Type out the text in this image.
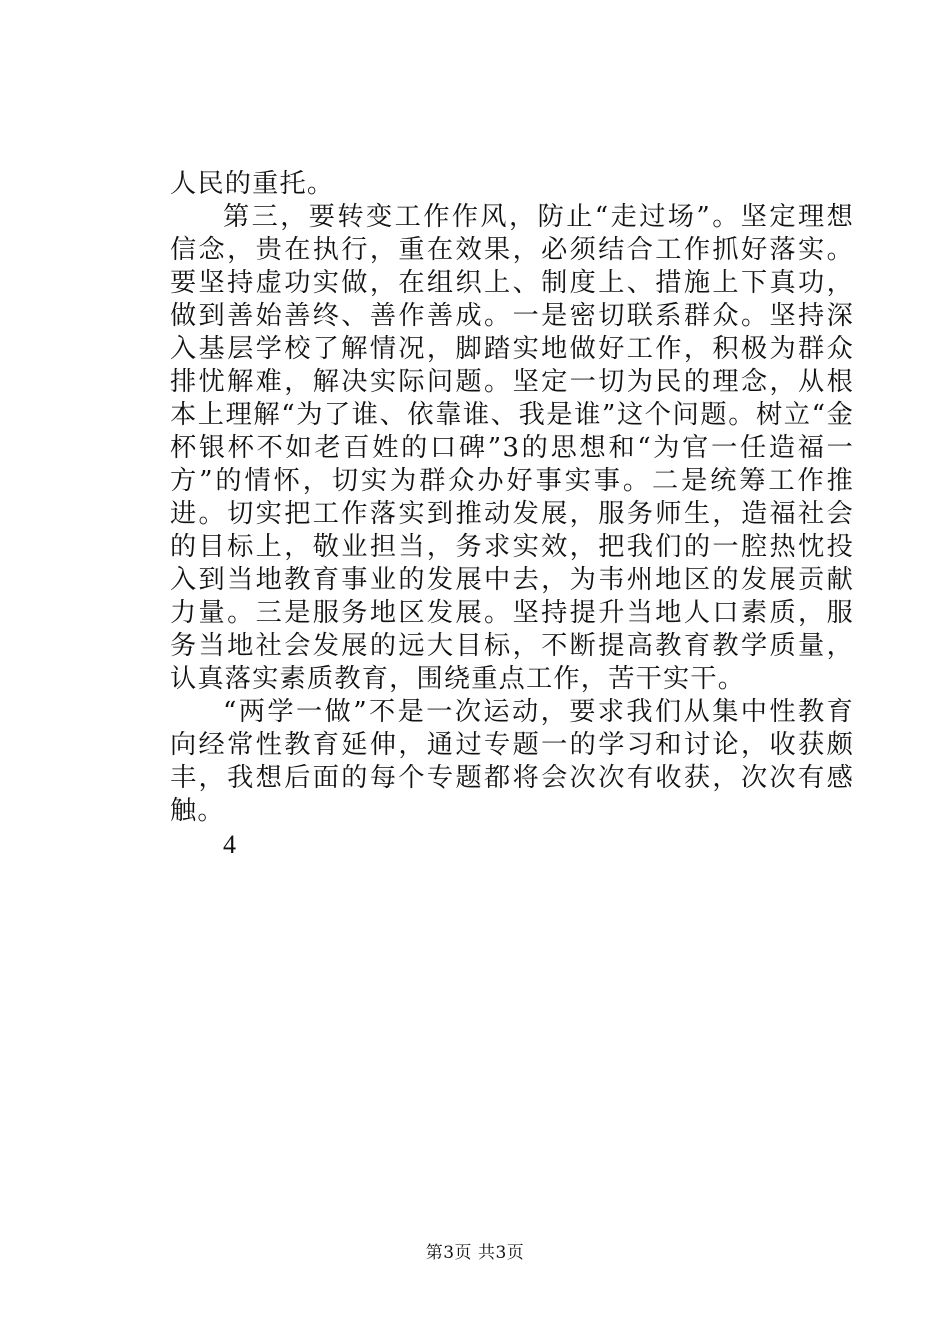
人民的重托。

第三，要转变工作作风，防止“走过场”。坚定理想信念，贵在执行，重在效果，必须结合工作抓好落实。要坚持虚功实做，在组织上、制度上、措施上下真功，做到善始善终、善作善成。一是密切联系群众。坚持深入基层学校了解情况，脚踏实地做好工作，积极为群众排忧解难，解决实际问题。坚定一切为民的理念，从根本上理解“为了谁、依靠谁、我是谁”这个问题。树立“金杯银杯不如老百姓的口碑”3的思想和“为官一任造福一方”的情怀，切实为群众办好事实事。二是统筹工作推进。切实把工作落实到推动发展，服务师生，造福社会的目标上，敬业担当，务求实效，把我们的一腔热忱投入到当地教育事业的发展中去，为韦州地区的发展贡献力量。三是服务地区发展。坚持提升当地人口素质，服务当地社会发展的远大目标，不断提高教育教学质量，认真落实素质教育，围绕重点工作，苦干实干。

“两学一做”不是一次运动，要求我们从集中性教育向经常性教育延伸，通过专题一的学习和讨论，收获颇丰，我想后面的每个专题都将会次次有收获，次次有感触。

4

第3页 共3页
